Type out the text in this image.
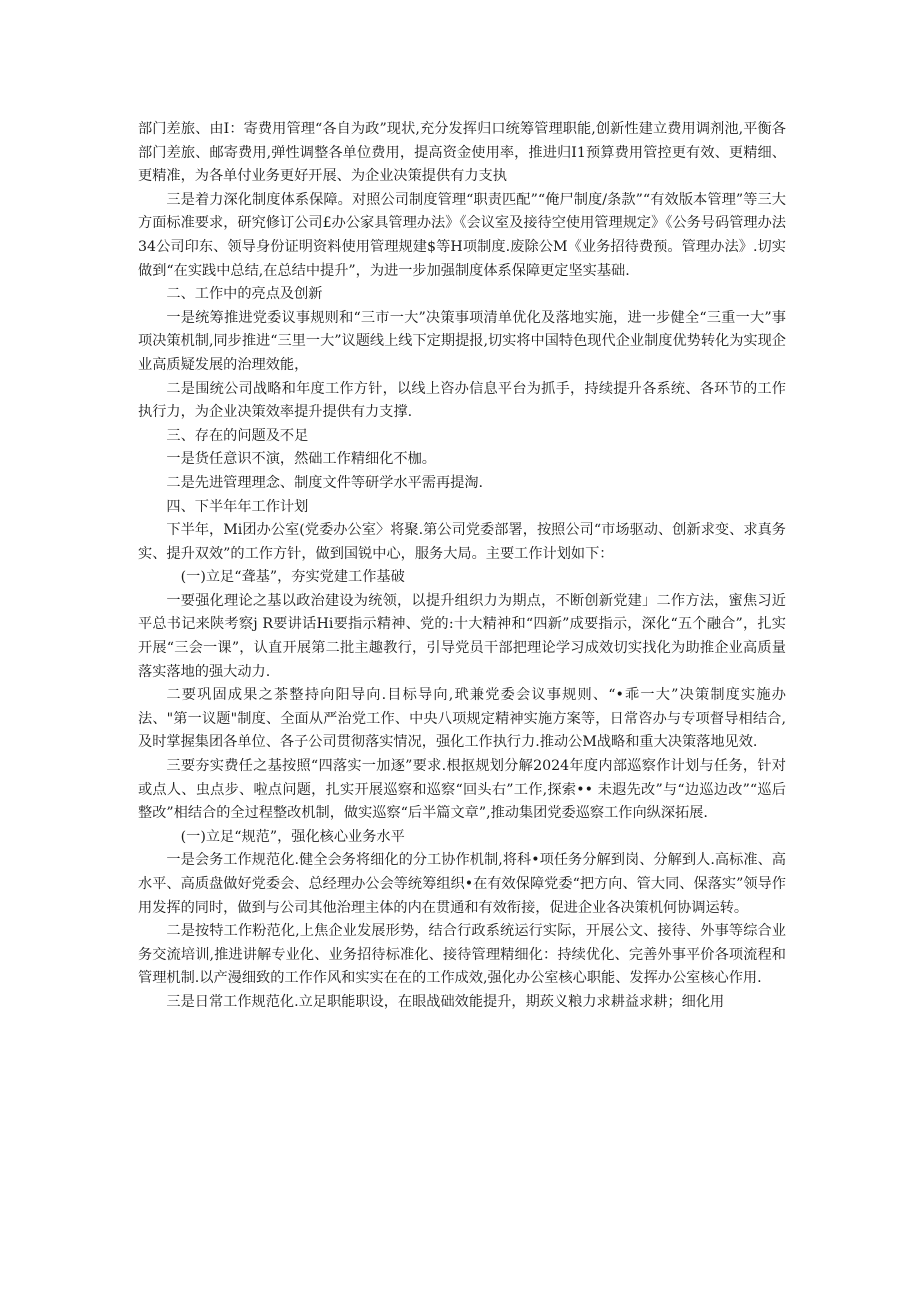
部门差旅、由I：寄费用管理“各自为政”现状,充分发挥归口统筹管理职能,创新性建立费用调剂池,平衡各部门差旅、邮寄费用,弹性调整各单位费用，提高资金使用率，推进归I1预算费用管控更有效、更精细、更精准，为各单付业务更好开展、为企业决策提供有力支执

三是着力深化制度体系保障。对照公司制度管理“职责匹配”“俺尸制度/条款”“有效版本管理”等三大方面标准要求，研究修订公司£办公家具管理办法》《会议室及接待空使用管理规定》《公务号码管理办法34公司印东、领导身份证明资料使用管理规建$等H项制度.废除公M《业务招待费预。管理办法》.切实做到“在实践中总结,在总结中提升”，为进一步加强制度体系保障更定坚实基础.

二、工作中的亮点及创新

一是统筹推进党委议事规则和“三市一大”决策事项清单优化及落地实施，进一步健全“三重一大”事项决策机制,同步推进“三里一大”议题线上线下定期提报,切实将中国特色现代企业制度优势转化为实现企业高质疑发展的治理效能，

二是围统公司战略和年度工作方针，以线上咨办信息平台为抓手，持续提升各系统、各环节的工作执行力，为企业决策效率提升提供有力支撑.

三、存在的问题及不足

一是货任意识不演，然础工作精细化不枷。

二是先进管理理念、制度文件等研学水平需再提淘.

四、下半年年工作计划

下半年，Mi团办公室(党委办公室〉将聚.第公司党委部署，按照公司“市场驱动、创新求变、求真务实、提升双效”的工作方针，做到国锐中心，服务大局。主要工作计划如下：

(一)立足“聋基”，夯实党建工作基破

一要强化理论之基以政治建设为统领，以提升组织力为期点，不断创新党建」二作方法，蜜焦习近平总书记来陕考察j R要讲话Hi要指示精神、党的:十大精神和“四新”成要指示，深化“五个融合”，扎实开展“三会一课”，认直开展第二批主趣教行，引导党员干部把理论学习成效切实找化为助推企业高质量落实落地的强大动力.

二要巩固成果之茶整持向阳导向.目标导向,玳兼党委会议事规则、“•乖一大”决策制度实施办法、"第一议题"制度、全面从严治党工作、中央八项规定精神实施方案等，日常咨办与专项督导相结合,及时掌握集团各单位、各子公司贯彻落实情况，强化工作执行力.推动公M战略和重大决策落地见效.

三要夯实费任之基按照“四落实一加逐”要求.根抠规划分解2024年度内部巡察作计划与任务，针对或点人、虫点步、啦点问题，扎实开展巡察和巡察“回头右”工作,探索•• 未遐先改”与“边巡边改”“巡后整改”相结合的全过程整改机制，做实巡察“后半篇文章”,推动集团党委巡察工作向纵深拓展.

(一)立足“规范”，强化核心业务水平

一是会务工作规范化.健全会务将细化的分工协作机制,将科•项任务分解到岗、分解到人.高标准、高水平、高质盘做好党委会、总经理办公会等统筹组织•在有效保障党委“把方向、管大同、保落实”领导作用发挥的同时，做到与公司其他治理主体的内在贯通和有效衔接，促进企业各决策机何协调运转。

二是按特工作粉范化,上焦企业发展形势，结合行政系统运行实际，开展公文、接待、外事等综合业务交流培训,推进讲解专业化、业务招待标准化、接待管理精细化：持续优化、完善外事平价各项流程和管理机制.以产漫细致的工作作风和实实在在的工作成效,强化办公室核心职能、发挥办公室核心作用.

三是日常工作规范化.立足职能职设，在眼战础效能提升，期莰义粮力求耕益求耕；细化用
